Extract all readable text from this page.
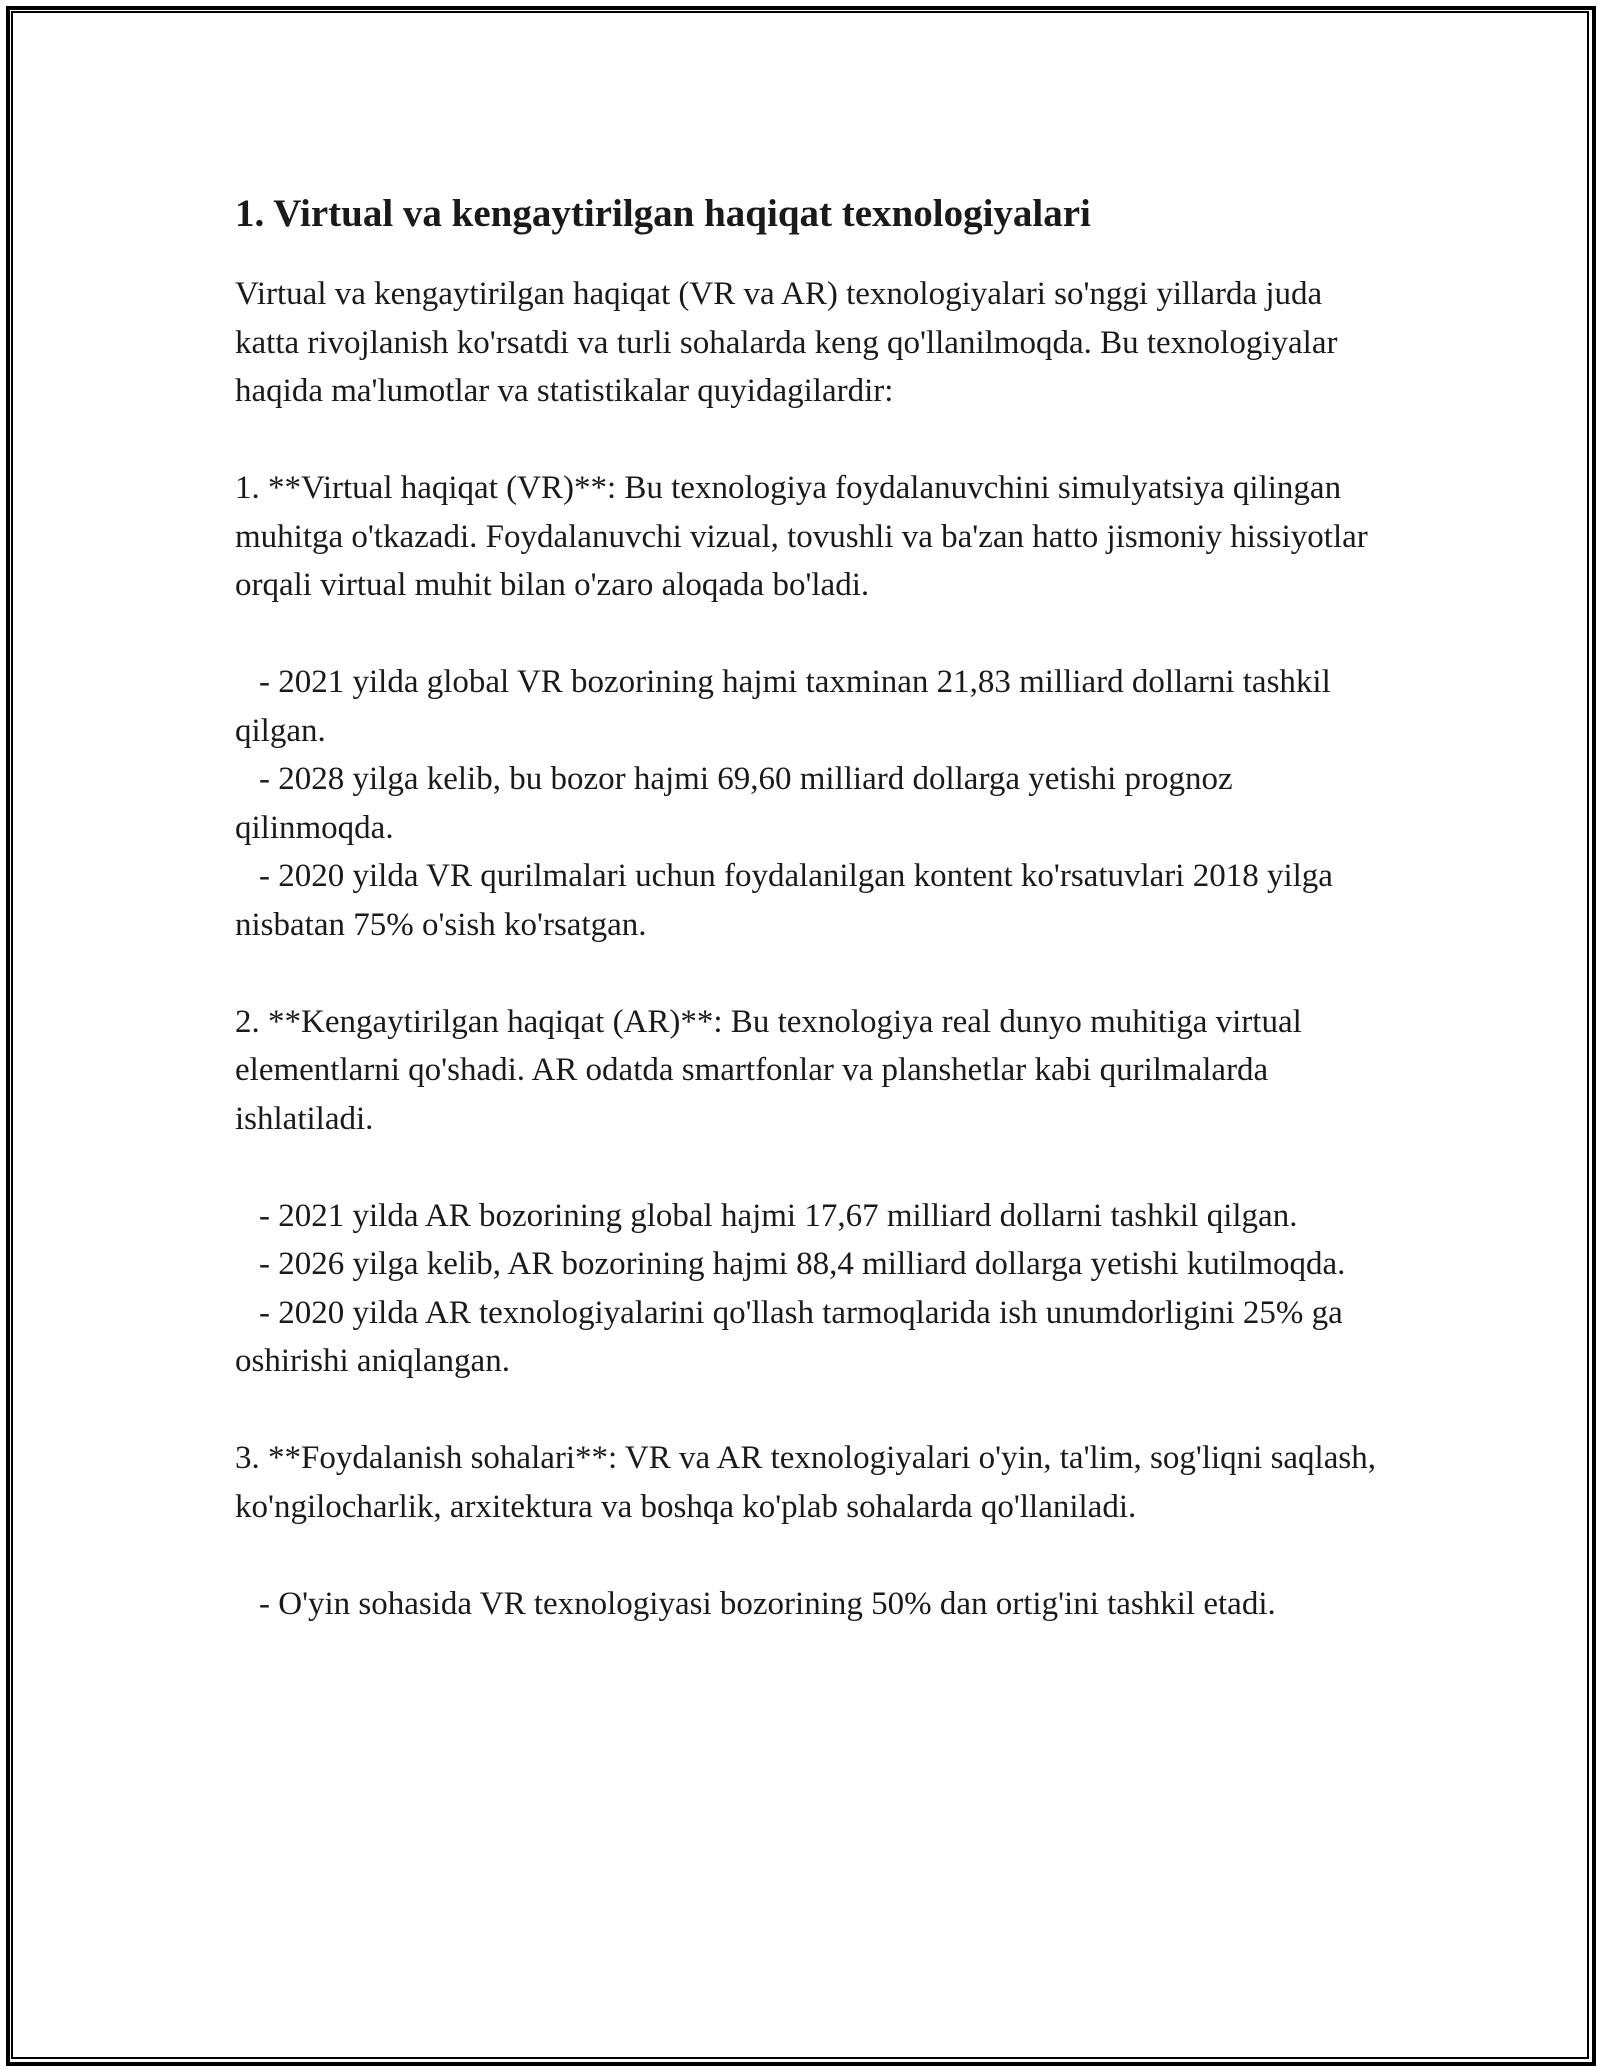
1. Virtual va kengaytirilgan haqiqat texnologiyalari

Virtual va kengaytirilgan haqiqat (VR va AR) texnologiyalari so'nggi yillarda juda katta rivojlanish ko'rsatdi va turli sohalarda keng qo'llanilmoqda. Bu texnologiyalar haqida ma'lumotlar va statistikalar quyidagilardir:

1. **Virtual haqiqat (VR)**: Bu texnologiya foydalanuvchini simulyatsiya qilingan muhitga o'tkazadi. Foydalanuvchi vizual, tovushli va ba'zan hatto jismoniy hissiyotlar orqali virtual muhit bilan o'zaro aloqada bo'ladi.

- 2021 yilda global VR bozorining hajmi taxminan 21,83 milliard dollarni tashkil qilgan.

- 2028 yilga kelib, bu bozor hajmi 69,60 milliard dollarga yetishi prognoz qilinmoqda.

- 2020 yilda VR qurilmalari uchun foydalanilgan kontent ko'rsatuvlari 2018 yilga nisbatan 75% o'sish ko'rsatgan.

2. **Kengaytirilgan haqiqat (AR)**: Bu texnologiya real dunyo muhitiga virtual elementlarni qo'shadi. AR odatda smartfonlar va planshetlar kabi qurilmalarda ishlatiladi.

- 2021 yilda AR bozorining global hajmi 17,67 milliard dollarni tashkil qilgan.

- 2026 yilga kelib, AR bozorining hajmi 88,4 milliard dollarga yetishi kutilmoqda.

- 2020 yilda AR texnologiyalarini qo'llash tarmoqlarida ish unumdorligini 25% ga oshirishi aniqlangan.

3. **Foydalanish sohalari**: VR va AR texnologiyalari o'yin, ta'lim, sog'liqni saqlash, ko'ngilocharlik, arxitektura va boshqa ko'plab sohalarda qo'llaniladi.

- O'yin sohasida VR texnologiyasi bozorining 50% dan ortig'ini tashkil etadi.
